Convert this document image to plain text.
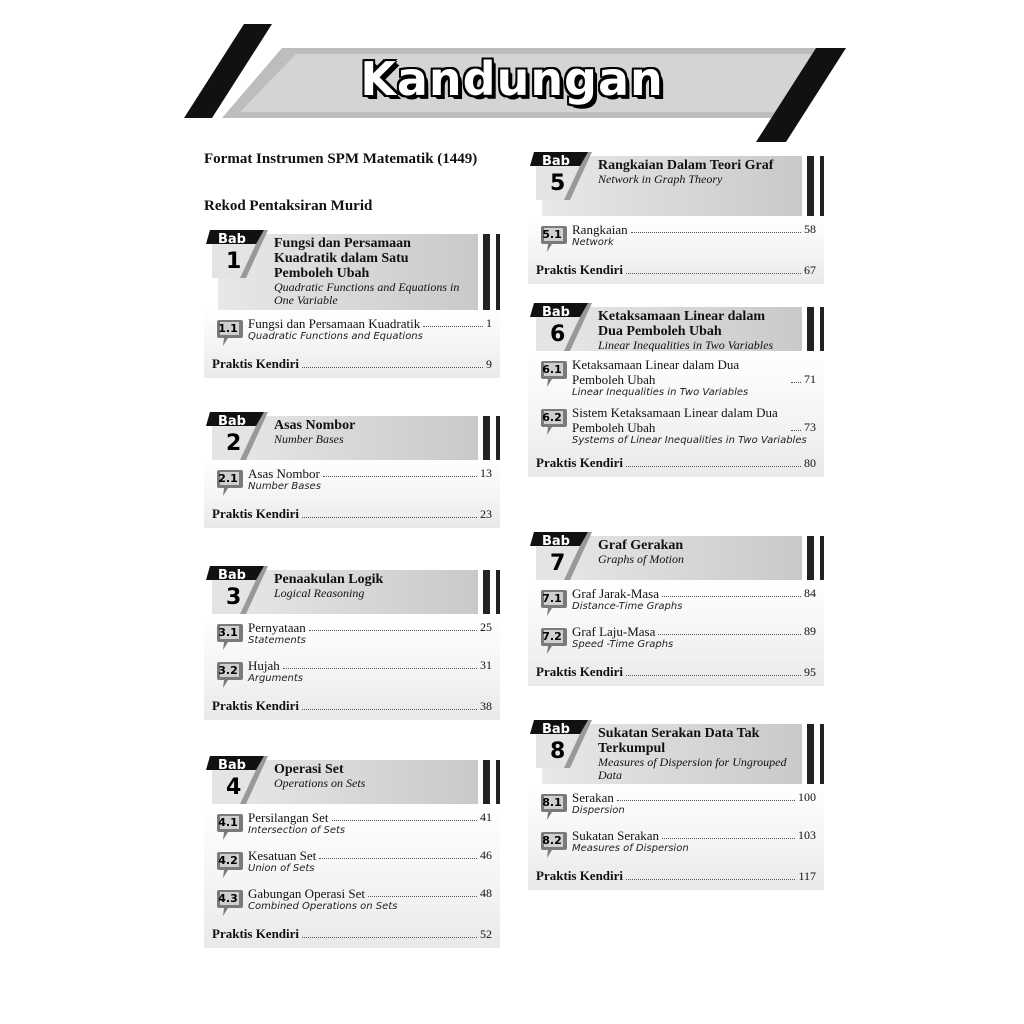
Kandungan
Format Instrumen SPM Matematik (1449)
Rekod Pentaksiran Murid
Bab
1
Fungsi dan Persamaan Kuadratik dalam Satu Pemboleh Ubah
Quadratic Functions and Equations in One Variable
1.1 Fungsi dan Persamaan Kuadratik	1
Quadratic Functions and Equations
Praktis Kendiri	9
Bab
2
Asas Nombor
Number Bases
2.1 Asas Nombor	13
Number Bases
Praktis Kendiri	23
Bab
3
Penaakulan Logik
Logical Reasoning
3.1 Pernyataan	25
Statements
3.2 Hujah	31
Arguments
Praktis Kendiri	38
Bab
4
Operasi Set
Operations on Sets
4.1 Persilangan Set	41
Intersection of Sets
4.2 Kesatuan Set	46
Union of Sets
4.3 Gabungan Operasi Set	48
Combined Operations on Sets
Praktis Kendiri	52
Bab
5
Rangkaian Dalam Teori Graf
Network in Graph Theory
5.1 Rangkaian	58
Network
Praktis Kendiri	67
Bab
6
Ketaksamaan Linear dalam Dua Pemboleh Ubah
Linear Inequalities in Two Variables
6.1 Ketaksamaan Linear dalam Dua Pemboleh Ubah	71
Linear Inequalities in Two Variables
6.2 Sistem Ketaksamaan Linear dalam Dua Pemboleh Ubah	73
Systems of Linear Inequalities in Two Variables
Praktis Kendiri	80
Bab
7
Graf Gerakan
Graphs of Motion
7.1 Graf Jarak-Masa	84
Distance-Time Graphs
7.2 Graf Laju-Masa	89
Speed -Time Graphs
Praktis Kendiri	95
Bab
8
Sukatan Serakan Data Tak Terkumpul
Measures of Dispersion for Ungrouped Data
8.1 Serakan	100
Dispersion
8.2 Sukatan Serakan	103
Measures of Dispersion
Praktis Kendiri	117
